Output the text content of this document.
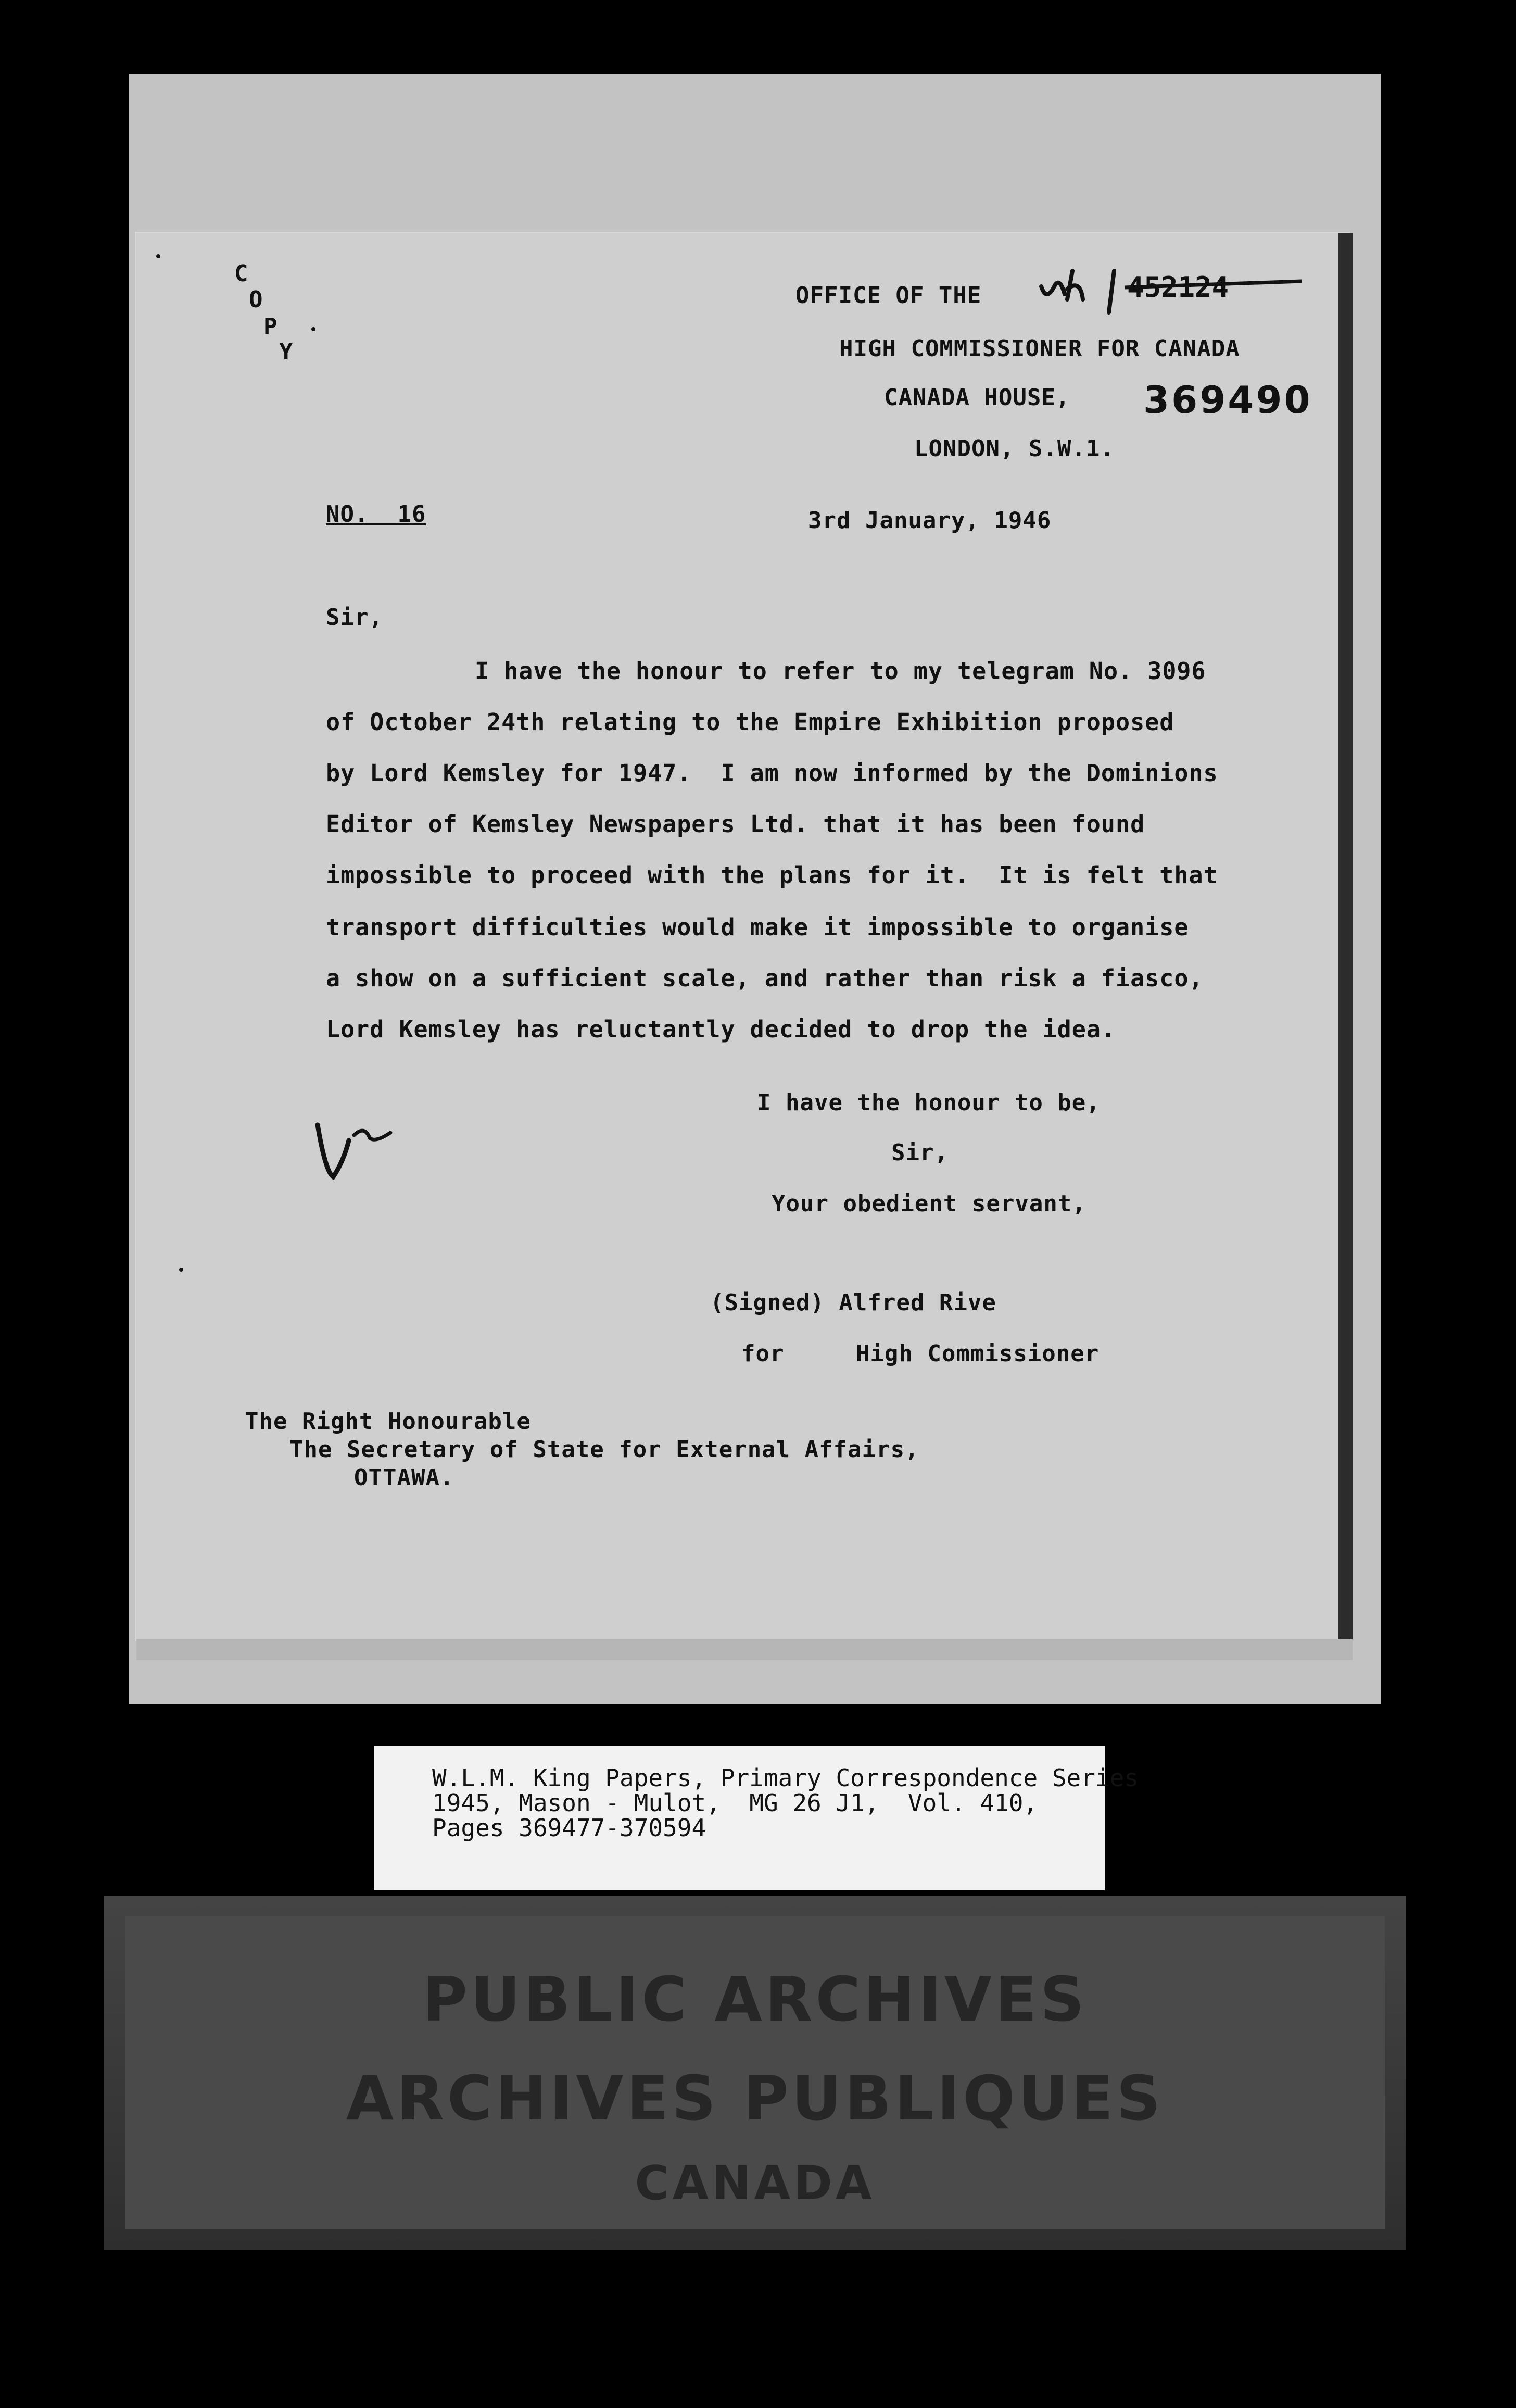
C
O
P
Y
OFFICE OF THE
HIGH COMMISSIONER FOR CANADA
CANADA HOUSE,
LONDON, S.W.1.
369490
452124
NO.  16	3rd January, 1946
Sir,
I have the honour to refer to my telegram No. 3096
of October 24th relating to the Empire Exhibition proposed
by Lord Kemsley for 1947.  I am now informed by the Dominions
Editor of Kemsley Newspapers Ltd. that it has been found
impossible to proceed with the plans for it.  It is felt that
transport difficulties would make it impossible to organise
a show on a sufficient scale, and rather than risk a fiasco,
Lord Kemsley has reluctantly decided to drop the idea.
I have the honour to be,
Sir,
Your obedient servant,
(Signed) Alfred Rive
for     High Commissioner
The Right Honourable
The Secretary of State for External Affairs,
OTTAWA.
W.L.M. King Papers, Primary Correspondence Series
1945, Mason - Mulot,  MG 26 J1,  Vol. 410,
Pages 369477-370594
PUBLIC ARCHIVES
ARCHIVES PUBLIQUES
CANADA
